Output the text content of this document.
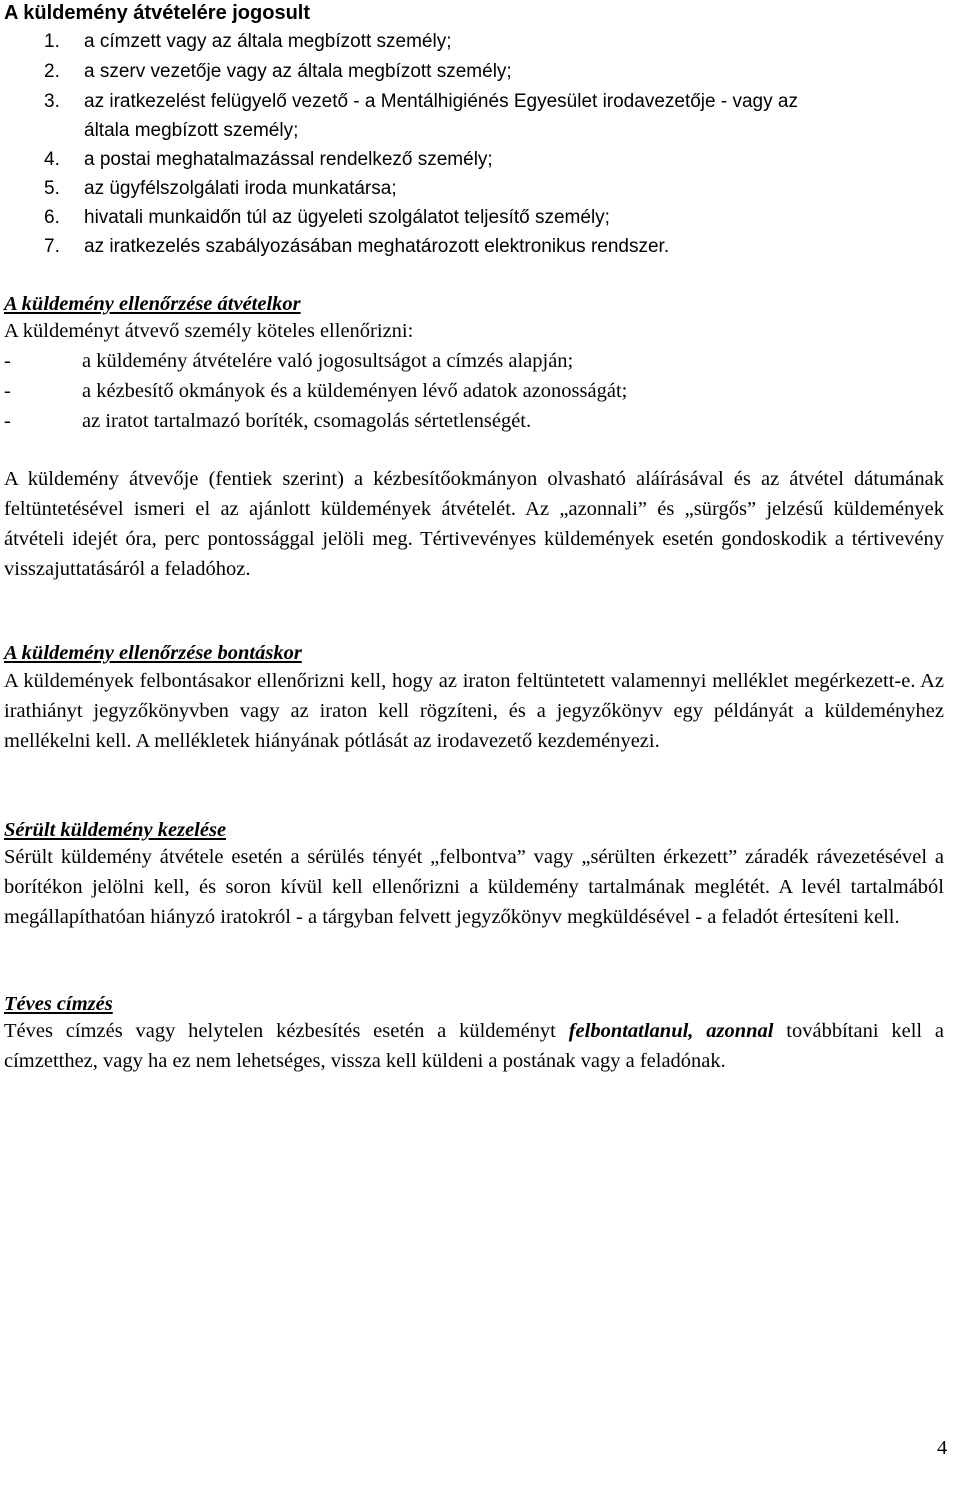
A küldemény átvételére jogosult
1. a címzett vagy az általa megbízott személy;
2. a szerv vezetője vagy az általa megbízott személy;
3. az iratkezelést felügyelő vezető - a Mentálhigiénés Egyesület irodavezetője - vagy az
általa megbízott személy;
4. a postai meghatalmazással rendelkező személy;
5. az ügyfélszolgálati iroda munkatársa;
6. hivatali munkaidőn túl az ügyeleti szolgálatot teljesítő személy;
7. az iratkezelés szabályozásában meghatározott elektronikus rendszer.
A küldemény ellenőrzése átvételkor

A küldeményt átvevő személy köteles ellenőrizni:

-	a küldemény átvételére való jogosultságot a címzés alapján;
-	a kézbesítő okmányok és a küldeményen lévő adatok azonosságát;
-	az iratot tartalmazó boríték, csomagolás sértetlenségét.

A küldemény átvevője (fentiek szerint) a kézbesítőokmányon olvasható aláírásával és az átvétel dátumának feltüntetésével ismeri el az ajánlott küldemények átvételét. Az „azonnali” és „sürgős” jelzésű küldemények átvételi idejét óra, perc pontossággal jelöli meg. Tértivevényes küldemények esetén gondoskodik a tértivevény visszajuttatásáról a feladóhoz.

A küldemény ellenőrzése bontáskor

A küldemények felbontásakor ellenőrizni kell, hogy az iraton feltüntetett valamennyi melléklet megérkezett-e. Az irathiányt jegyzőkönyvben vagy az iraton kell rögzíteni, és a jegyzőkönyv egy példányát a küldeményhez mellékelni kell. A mellékletek hiányának pótlását az irodavezető kezdeményezi.

Sérült küldemény kezelése

Sérült küldemény átvétele esetén a sérülés tényét „felbontva” vagy „sérülten érkezett” záradék rávezetésével a borítékon jelölni kell, és soron kívül kell ellenőrizni a küldemény tartalmának meglétét. A levél tartalmából megállapíthatóan hiányzó iratokról - a tárgyban felvett jegyzőkönyv megküldésével - a feladót értesíteni kell.

Téves címzés

Téves címzés vagy helytelen kézbesítés esetén a küldeményt felbontatlanul, azonnal továbbítani kell a címzetthez, vagy ha ez nem lehetséges, vissza kell küldeni a postának vagy a feladónak.

4
